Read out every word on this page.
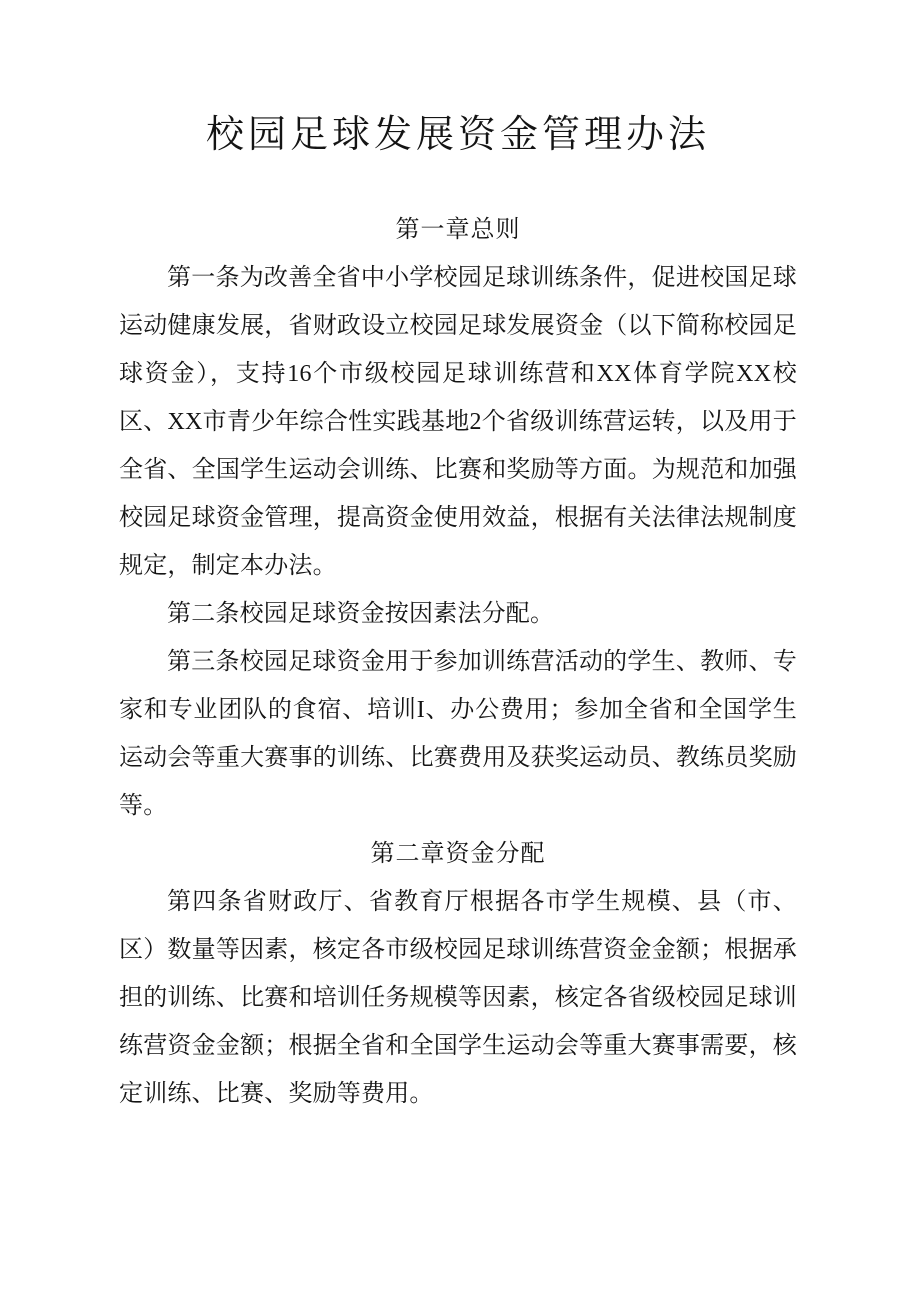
校园足球发展资金管理办法
第一章总则

第一条为改善全省中小学校园足球训练条件，促进校国足球运动健康发展，省财政设立校园足球发展资金（以下简称校园足球资金），支持16个市级校园足球训练营和XX体育学院XX校区、XX市青少年综合性实践基地2个省级训练营运转，以及用于全省、全国学生运动会训练、比赛和奖励等方面。为规范和加强校园足球资金管理，提高资金使用效益，根据有关法律法规制度规定，制定本办法。

第二条校园足球资金按因素法分配。

第三条校园足球资金用于参加训练营活动的学生、教师、专家和专业团队的食宿、培训I、办公费用；参加全省和全国学生运动会等重大赛事的训练、比赛费用及获奖运动员、教练员奖励等。

第二章资金分配

第四条省财政厅、省教育厅根据各市学生规模、县（市、区）数量等因素，核定各市级校园足球训练营资金金额；根据承担的训练、比赛和培训任务规模等因素，核定各省级校园足球训练营资金金额；根据全省和全国学生运动会等重大赛事需要，核定训练、比赛、奖励等费用。
